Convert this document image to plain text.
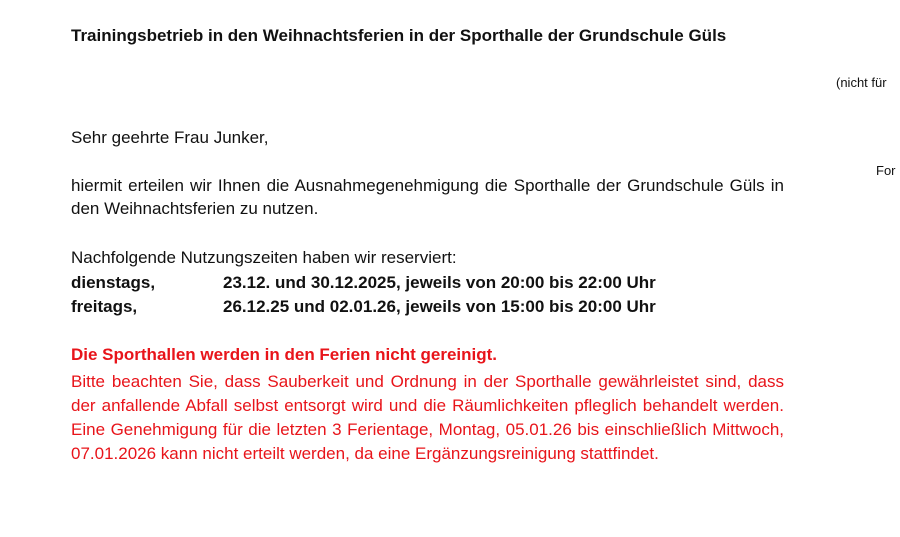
Trainingsbetrieb in den Weihnachtsferien in der Sporthalle der Grundschule Güls

Sehr geehrte Frau Junker,

hiermit erteilen wir Ihnen die Ausnahmegenehmigung die Sporthalle der Grundschule Güls in den Weihnachtsferien zu nutzen.

Nachfolgende Nutzungszeiten haben wir reserviert:

dienstags,	23.12. und 30.12.2025, jeweils von 20:00 bis 22:00 Uhr
freitags,	26.12.25 und 02.01.26, jeweils von 15:00 bis 20:00 Uhr

Die Sporthallen werden in den Ferien nicht gereinigt.

Bitte beachten Sie, dass Sauberkeit und Ordnung in der Sporthalle gewährleistet sind, dass der anfallende Abfall selbst entsorgt wird und die Räumlichkeiten pfleglich behandelt werden. Eine Genehmigung für die letzten 3 Ferientage, Montag, 05.01.26 bis einschließlich Mittwoch, 07.01.2026 kann nicht erteilt werden, da eine Ergänzungsreinigung stattfindet.

(nicht für
For
